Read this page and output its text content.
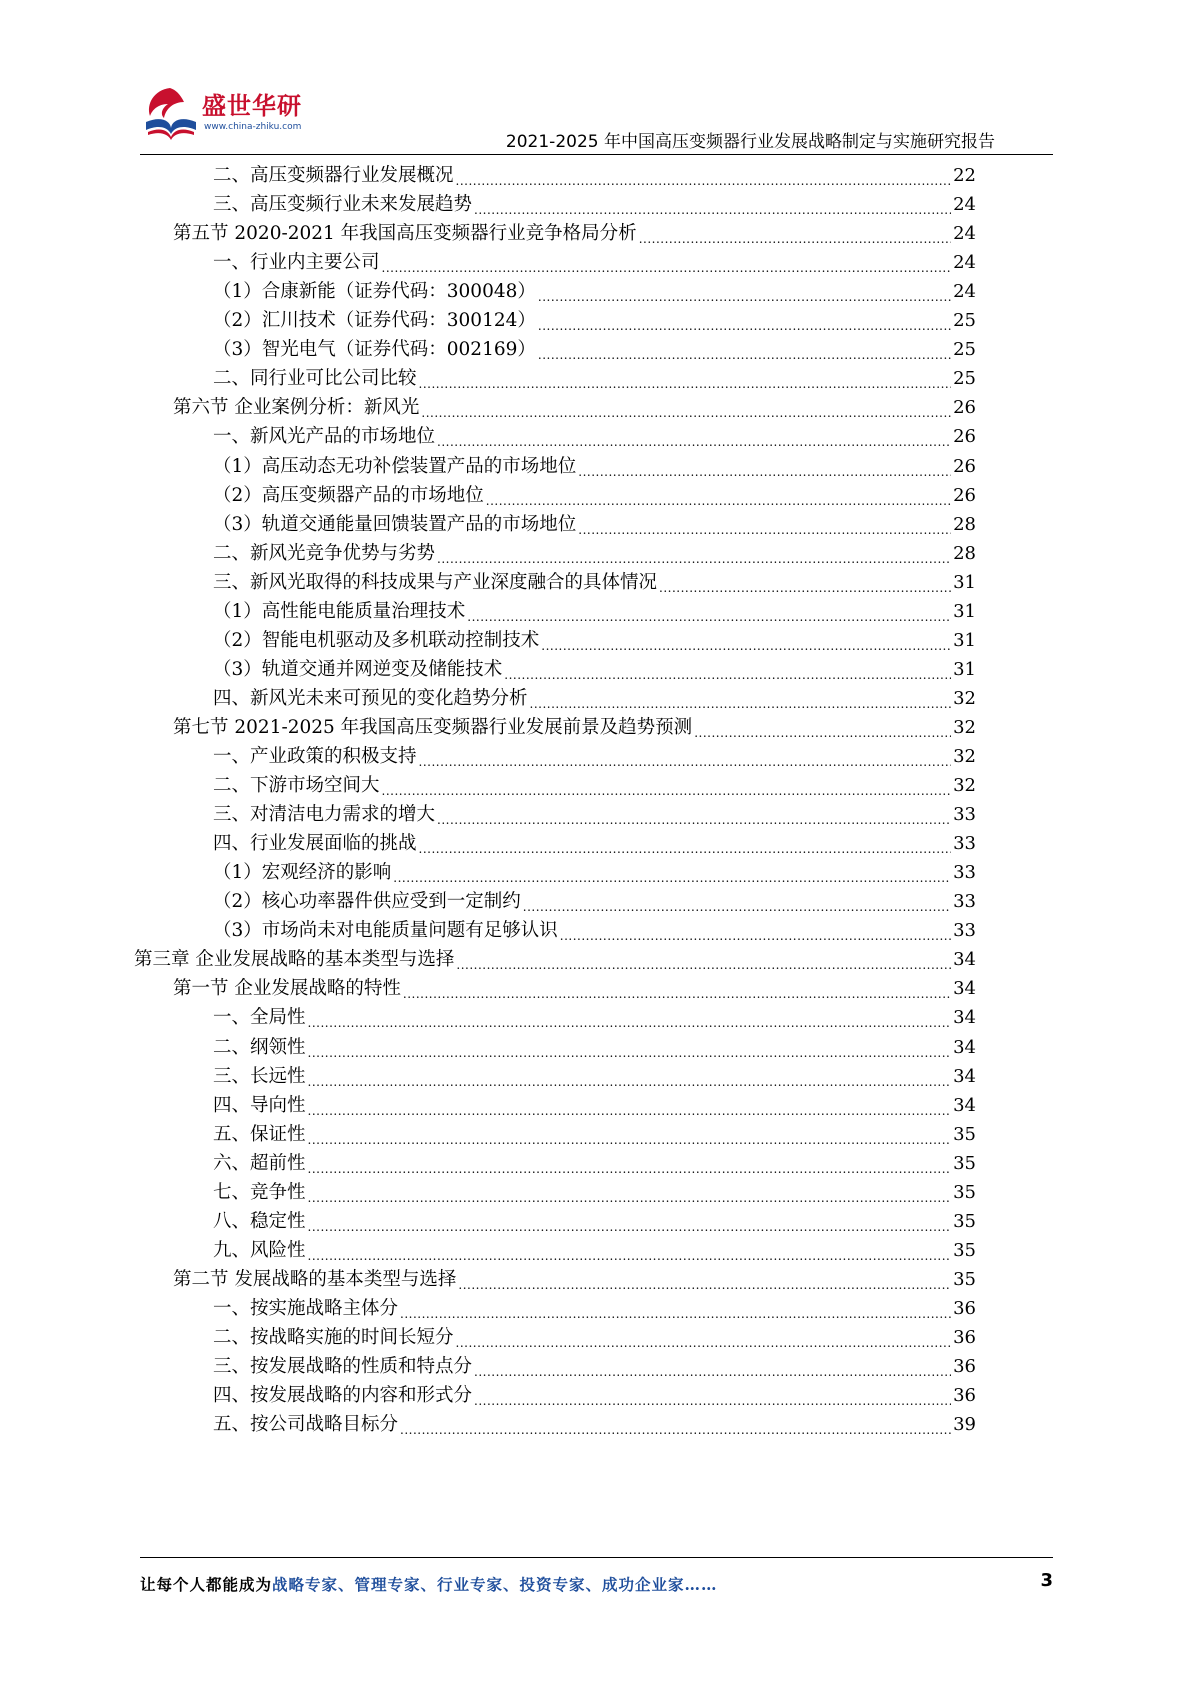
盛世华研
www.china-zhiku.com
2021-2025 年中国高压变频器行业发展战略制定与实施研究报告
二、高压变频器行业发展概况 .....	22
三、高压变频行业未来发展趋势 .....	24
第五节 2020-2021 年我国高压变频器行业竞争格局分析 .....	24
一、行业内主要公司 .....	24
（1）合康新能（证券代码：300048） .....	24
（2）汇川技术（证券代码：300124） .....	25
（3）智光电气（证券代码：002169） .....	25
二、同行业可比公司比较 .....	25
第六节 企业案例分析：新风光 .....	26
一、新风光产品的市场地位 .....	26
（1）高压动态无功补偿装置产品的市场地位 .....	26
（2）高压变频器产品的市场地位 .....	26
（3）轨道交通能量回馈装置产品的市场地位 .....	28
二、新风光竞争优势与劣势 .....	28
三、新风光取得的科技成果与产业深度融合的具体情况 .....	31
（1）高性能电能质量治理技术 .....	31
（2）智能电机驱动及多机联动控制技术 .....	31
（3）轨道交通并网逆变及储能技术 .....	31
四、新风光未来可预见的变化趋势分析 .....	32
第七节 2021-2025 年我国高压变频器行业发展前景及趋势预测 .....	32
一、产业政策的积极支持 .....	32
二、下游市场空间大 .....	32
三、对清洁电力需求的增大 .....	33
四、行业发展面临的挑战 .....	33
（1）宏观经济的影响 .....	33
（2）核心功率器件供应受到一定制约 .....	33
（3）市场尚未对电能质量问题有足够认识 .....	33
第三章 企业发展战略的基本类型与选择 .....	34
第一节 企业发展战略的特性 .....	34
一、全局性 .....	34
二、纲领性 .....	34
三、长远性 .....	34
四、导向性 .....	34
五、保证性 .....	35
六、超前性 .....	35
七、竞争性 .....	35
八、稳定性 .....	35
九、风险性 .....	35
第二节 发展战略的基本类型与选择 .....	35
一、按实施战略主体分 .....	36
二、按战略实施的时间长短分 .....	36
三、按发展战略的性质和特点分 .....	36
四、按发展战略的内容和形式分 .....	36
五、按公司战略目标分 .....	39
让每个人都能成为战略专家、管理专家、行业专家、投资专家、成功企业家……	3
